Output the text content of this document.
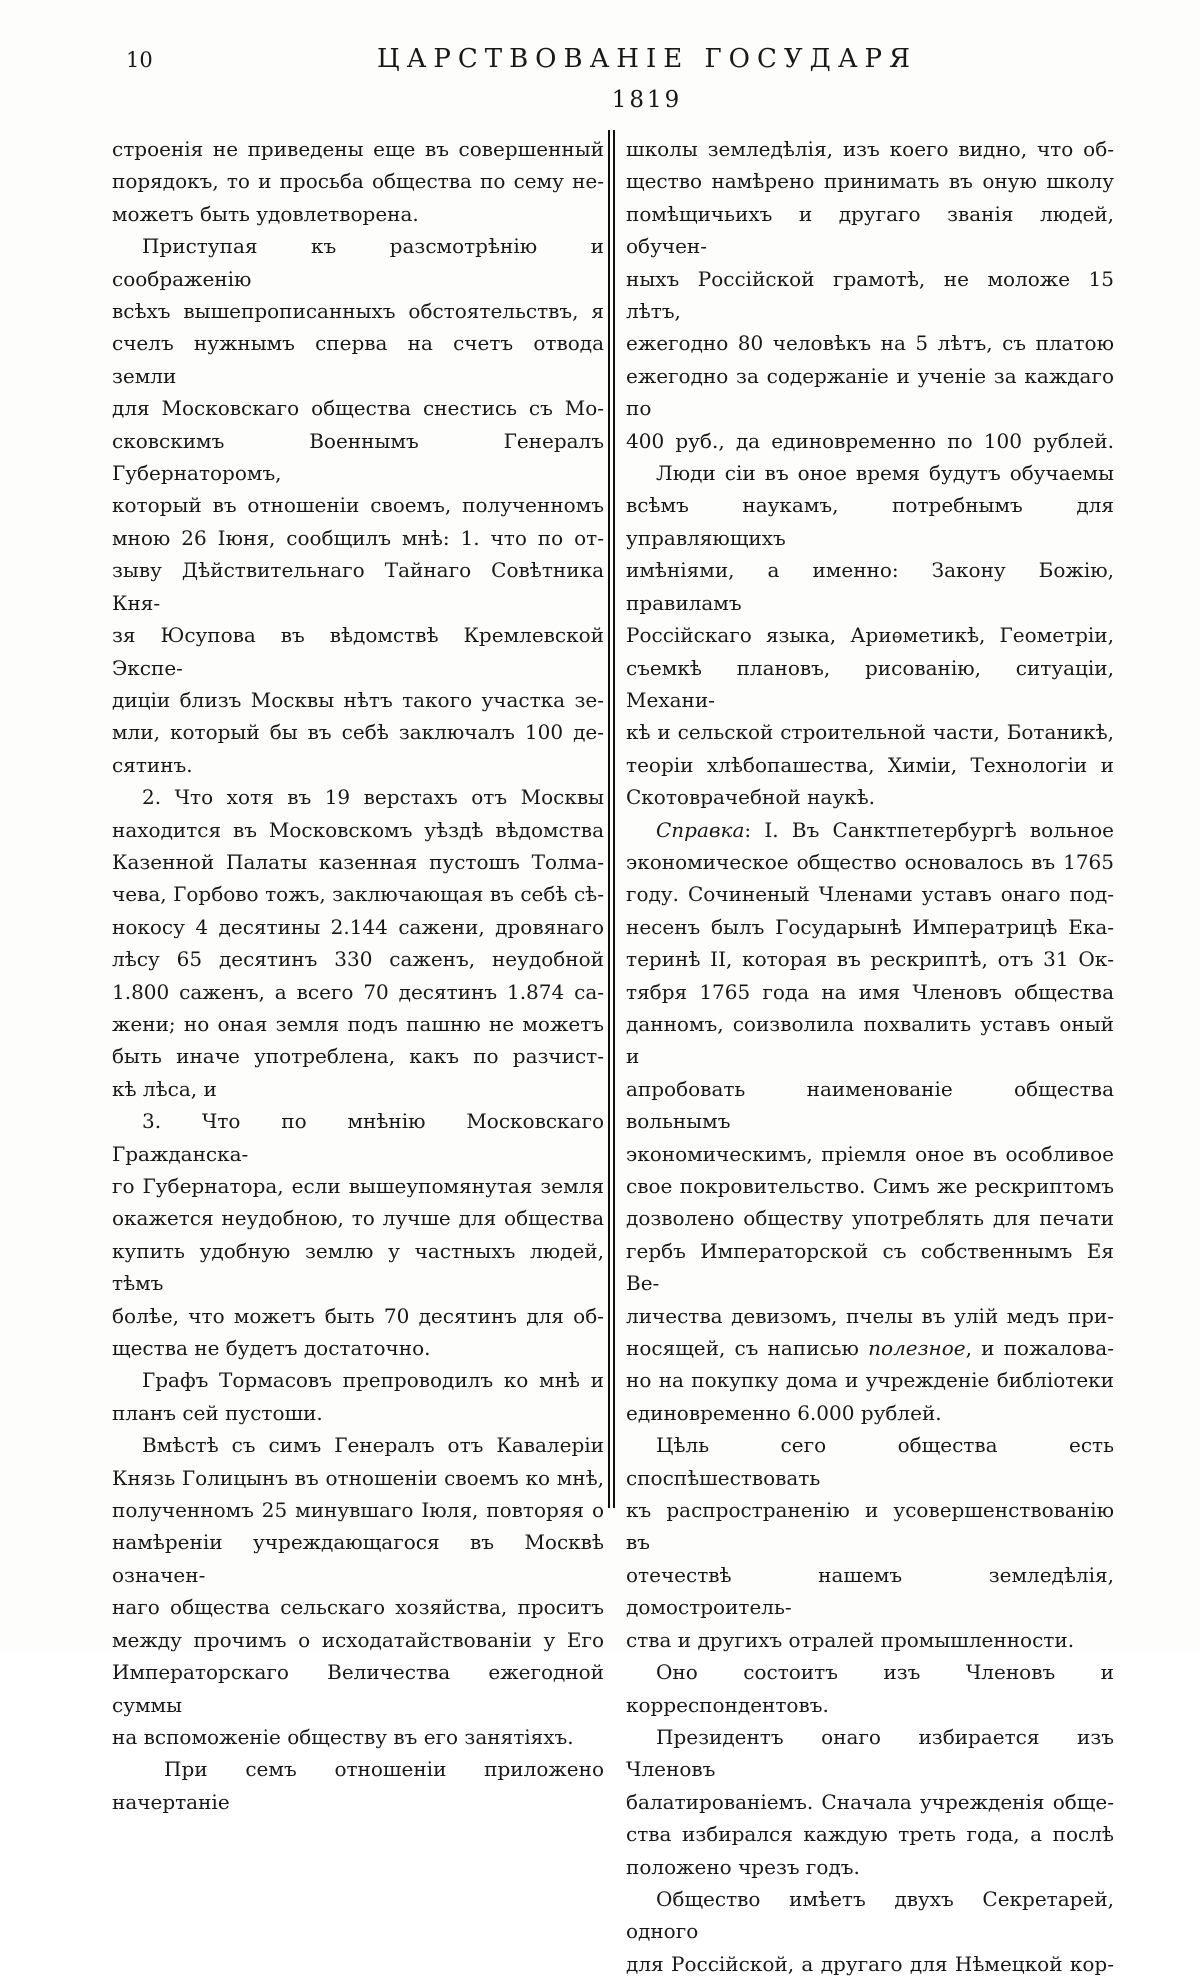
10	ЦАРСТВОВАНІЕ ГОСУДАРЯ
1819
строенія не приведены еще въ совершенный
порядокъ, то и просьба общества по сему не-
можетъ быть удовлетворена.
Приступая къ разсмотрѣнію и соображенію
всѣхъ вышепрописанныхъ обстоятельствъ, я
счелъ нужнымъ сперва на счетъ отвода земли
для Московскаго общества снестись съ Мо-
сковскимъ Военнымъ Генералъ Губернаторомъ,
который въ отношеніи своемъ, полученномъ
мною 26 Іюня, сообщилъ мнѣ: 1. что по от-
зыву Дѣйствительнаго Тайнаго Совѣтника Кня-
зя Юсупова въ вѣдомствѣ Кремлевской Экспе-
диціи близъ Москвы нѣтъ такого участка зе-
мли, который бы въ себѣ заключалъ 100 де-
сятинъ.
2. Что хотя въ 19 верстахъ отъ Москвы
находится въ Московскомъ уѣздѣ вѣдомства
Казенной Палаты казенная пустошъ Толма-
чева, Горбово тожъ, заключающая въ себѣ сѣ-
нокосу 4 десятины 2.144 сажени, дровянаго
лѣсу 65 десятинъ 330 саженъ, неудобной
1.800 саженъ, а всего 70 десятинъ 1.874 са-
жени; но оная земля подъ пашню не можетъ
быть иначе употреблена, какъ по разчист-
кѣ лѣса, и
3. Что по мнѣнію Московскаго Гражданска-
го Губернатора, если вышеупомянутая земля
окажется неудобною, то лучше для общества
купить удобную землю у частныхъ людей, тѣмъ
болѣе, что можетъ быть 70 десятинъ для об-
щества не будетъ достаточно.
Графъ Тормасовъ препроводилъ ко мнѣ и
планъ сей пустоши.
Вмѣстѣ съ симъ Генералъ отъ Кавалеріи
Князь Голицынъ въ отношеніи своемъ ко мнѣ,
полученномъ 25 минувшаго Іюля, повторяя о
намѣреніи учреждающагося въ Москвѣ означен-
наго общества сельскаго хозяйства, проситъ
между прочимъ о исходатайствованіи у Его
Императорскаго Величества ежегодной суммы
на вспоможеніе обществу въ его занятіяхъ.
При семъ отношеніи приложено начертаніе
школы земледѣлія, изъ коего видно, что об-
щество намѣрено принимать въ оную школу
помѣщичьихъ и другаго званія людей, обучен-
ныхъ Россійской грамотѣ, не моложе 15 лѣтъ,
ежегодно 80 человѣкъ на 5 лѣтъ, съ платою
ежегодно за содержаніе и ученіе за каждаго по
400 руб., да единовременно по 100 рублей.
Люди сіи въ оное время будутъ обучаемы
всѣмъ наукамъ, потребнымъ для управляющихъ
имѣніями, а именно: Закону Божію, правиламъ
Россійскаго языка, Ариѳметикѣ, Геометріи,
съемкѣ плановъ, рисованію, ситуаціи, Механи-
кѣ и сельской строительной части, Ботаникѣ,
теоріи хлѣбопашества, Химіи, Технологіи и
Скотоврачебной наукѣ.
Справка: I. Въ Санктпетербургѣ вольное
экономическое общество основалось въ 1765
году. Сочиненый Членами уставъ онаго под-
несенъ былъ Государынѣ Императрицѣ Ека-
теринѣ II, которая въ рескриптѣ, отъ 31 Ок-
тября 1765 года на имя Членовъ общества
данномъ, соизволила похвалить уставъ оный и
апробовать наименованіе общества вольнымъ
экономическимъ, пріемля оное въ особливое
свое покровительство. Симъ же рескриптомъ
дозволено обществу употреблять для печати
гербъ Императорской съ собственнымъ Ея Ве-
личества девизомъ, пчелы въ улій медъ при-
носящей, съ написью полезное, и пожалова-
но на покупку дома и учрежденіе библіотеки
единовременно 6.000 рублей.
Цѣль сего общества есть споспѣшествовать
къ распространенію и усовершенствованію въ
отечествѣ нашемъ земледѣлія, домостроитель-
ства и другихъ отралей промышленности.
Оно состоитъ изъ Членовъ и корреспондентовъ.
Президентъ онаго избирается изъ Членовъ
балатированіемъ. Сначала учрежденія обще-
ства избирался каждую треть года, а послѣ
положено чрезъ годъ.
Общество имѣетъ двухъ Секретарей, одного
для Россійской, а другаго для Нѣмецкой кор-
